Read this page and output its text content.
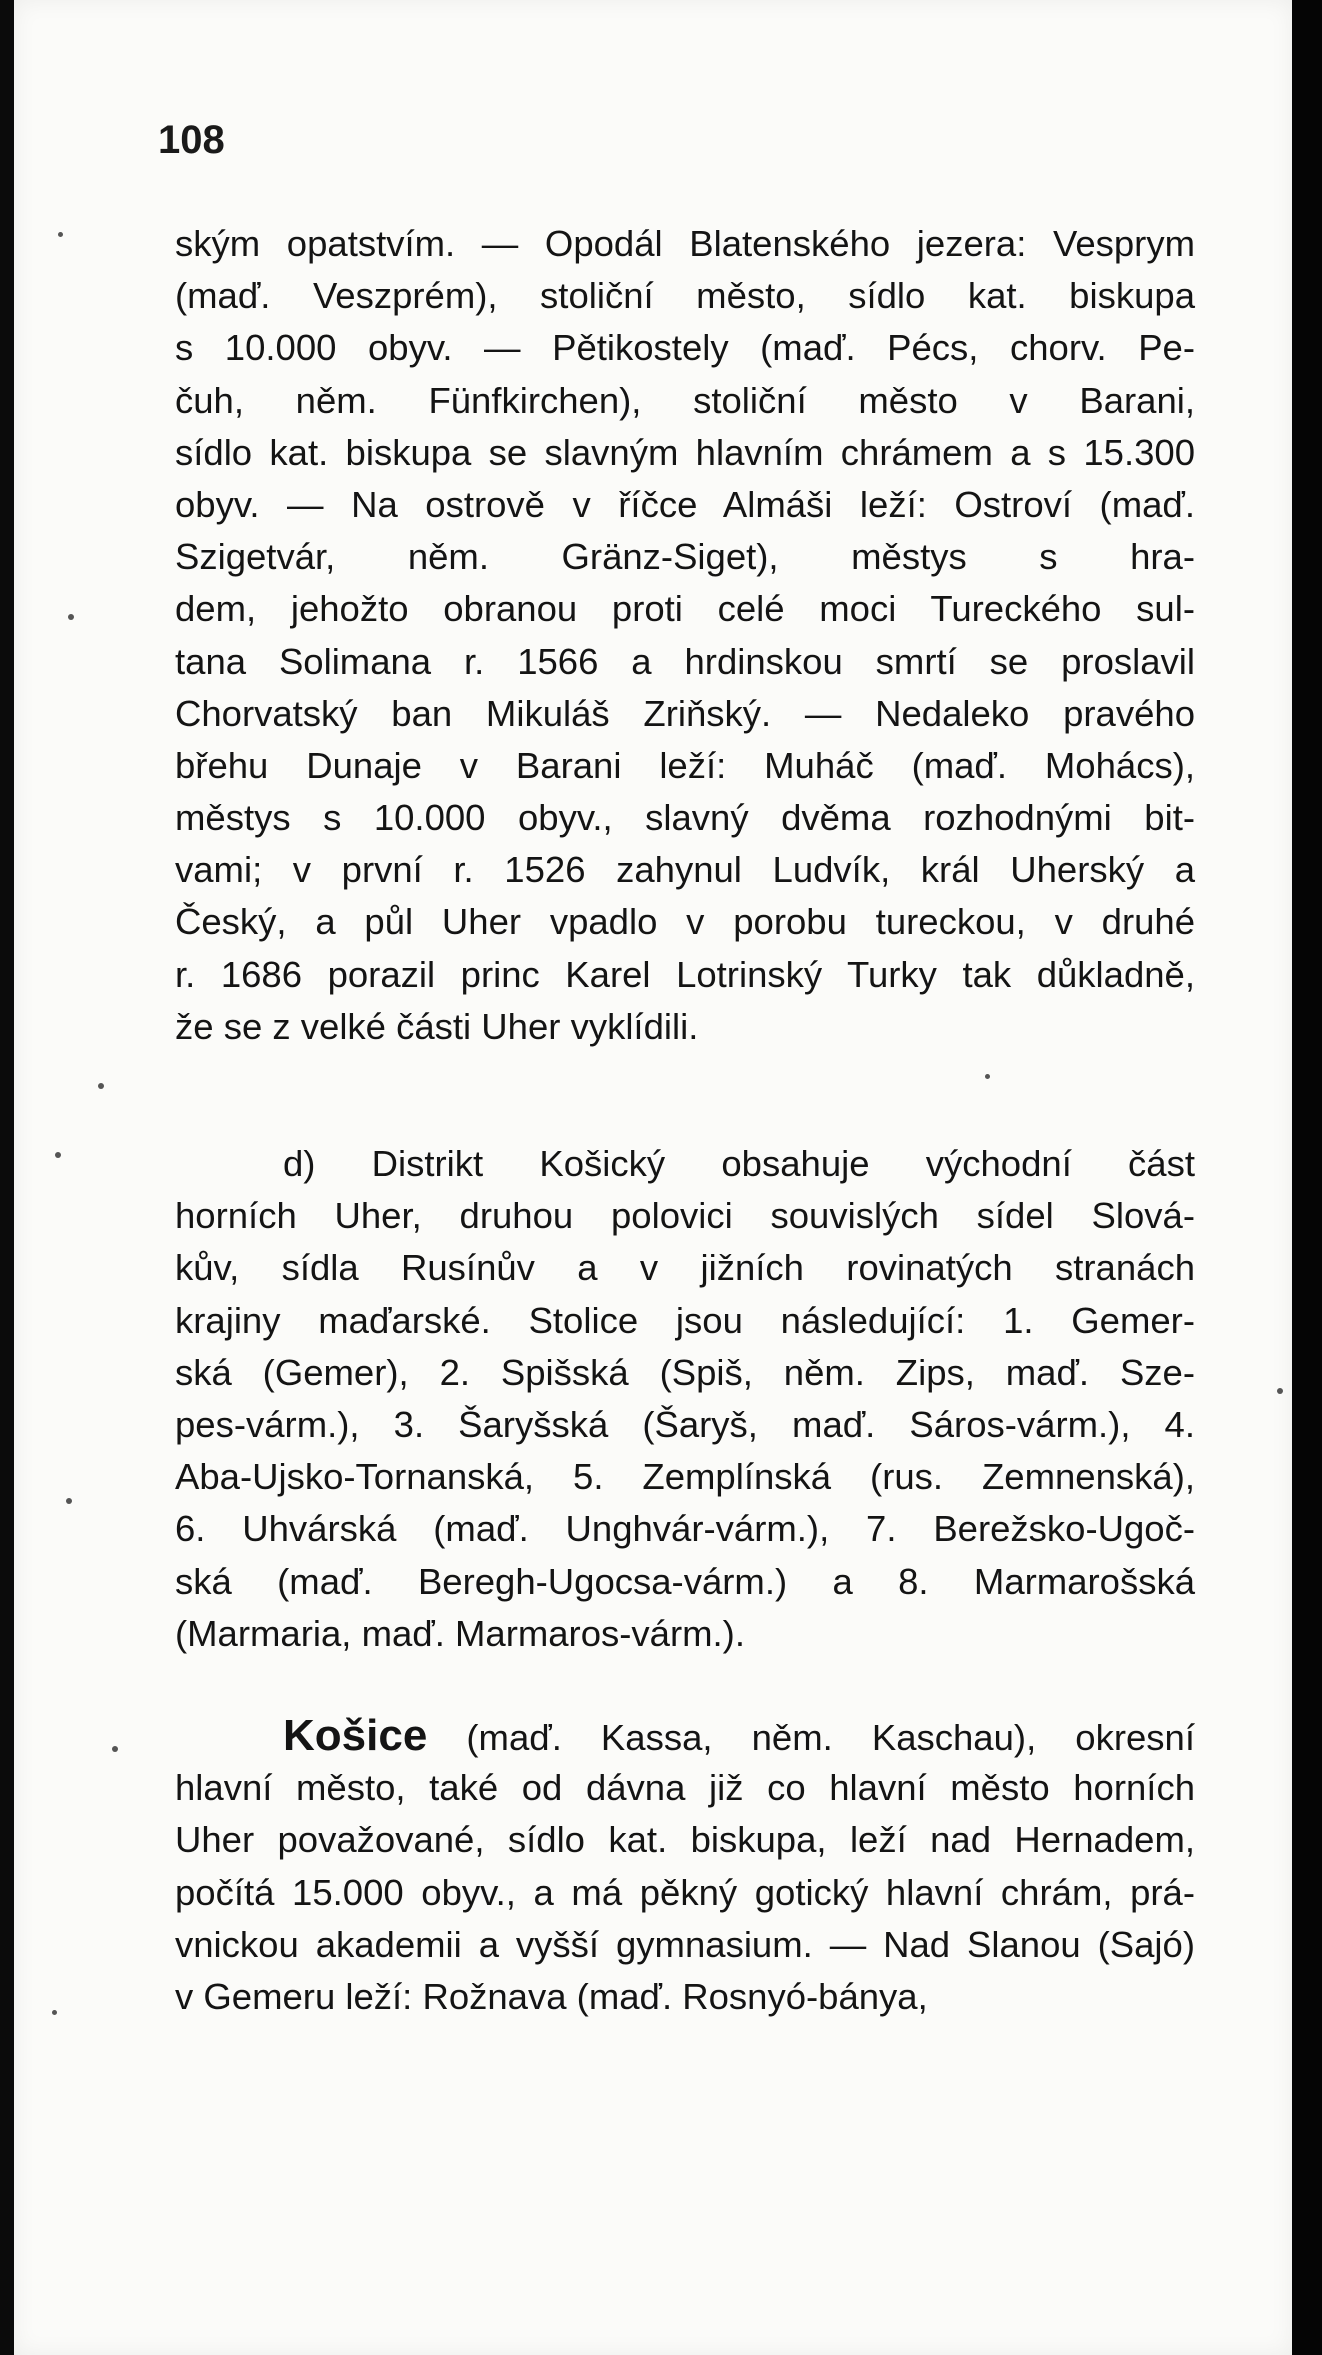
108
ským opatstvím. — Opodál Blatenského jezera: Vesprym
(maď. Veszprém), stoliční město, sídlo kat. biskupa
s 10.000 obyv. — Pětikostely (maď. Pécs, chorv. Pe-
čuh, něm. Fünfkirchen), stoliční město v Barani,
sídlo kat. biskupa se slavným hlavním chrámem a s 15.300
obyv. — Na ostrově v říčce Almáši leží: Ostroví (maď.
Szigetvár, něm. Gränz-Siget), městys s hra-
dem, jehožto obranou proti celé moci Tureckého sul-
tana Solimana r. 1566 a hrdinskou smrtí se proslavil
Chorvatský ban Mikuláš Zriňský. — Nedaleko pravého
břehu Dunaje v Barani leží: Muháč (maď. Mohács),
městys s 10.000 obyv., slavný dvěma rozhodnými bit-
vami; v první r. 1526 zahynul Ludvík, král Uherský a
Český, a půl Uher vpadlo v porobu tureckou, v druhé
r. 1686 porazil princ Karel Lotrinský Turky tak důkladně,
že se z velké části Uher vyklídili.
d) Distrikt Košický obsahuje východní část
horních Uher, druhou polovici souvislých sídel Slová-
kův, sídla Rusínův a v jižních rovinatých stranách
krajiny maďarské. Stolice jsou následující: 1. Gemer-
ská (Gemer), 2. Spišská (Spiš, něm. Zips, maď. Sze-
pes-várm.), 3. Šaryšská (Šaryš, maď. Sáros-várm.), 4.
Aba-Ujsko-Tornanská, 5. Zemplínská (rus. Zemnenská),
6. Uhvárská (maď. Unghvár-várm.), 7. Berežsko-Ugoč-
ská (maď. Beregh-Ugocsa-várm.) a 8. Marmarošská
(Marmaria, maď. Marmaros-várm.).
Košice (maď. Kassa, něm. Kaschau), okresní
hlavní město, také od dávna již co hlavní město horních
Uher považované, sídlo kat. biskupa, leží nad Hernadem,
počítá 15.000 obyv., a má pěkný gotický hlavní chrám, prá-
vnickou akademii a vyšší gymnasium. — Nad Slanou (Sajó)
v Gemeru leží: Rožnava (maď. Rosnyó-bánya,
